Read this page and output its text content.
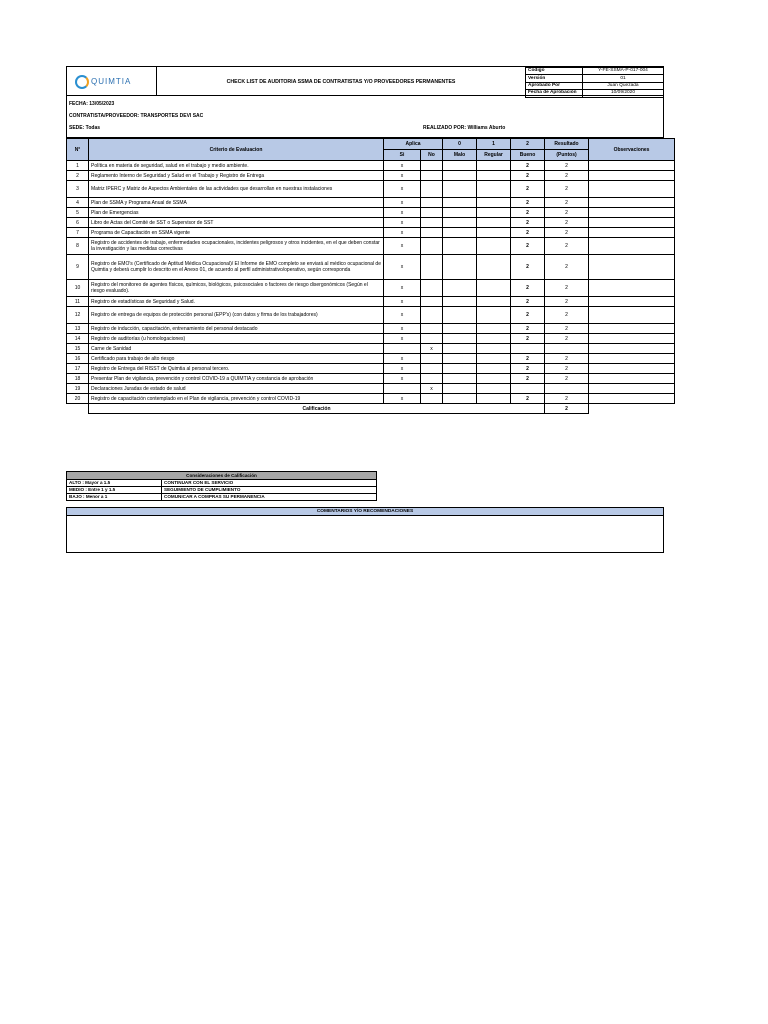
QUIMTIA	CHECK LIST DE AUDITORIA SSMA DE CONTRATISTAS Y/O PROVEEDORES PERMANENTES
Codigo	Y-FE-SSMA-P-017-004
Versión	01
Aprobado Por	Juan Quezada
Fecha de Aprobación	10/09/2020
FECHA: 13/05/2023
CONTRATISTA/PROVEEDOR: TRANSPORTES DEVI SAC
SEDE: Todas	REALIZADO POR: Williams Aburto
N°	Criterio de Evaluacion	Aplica		0	1	2	Resultado	Observaciones
		Si	No	Malo	Regular	Bueno	(Puntos)	
1	Política en materia de seguridad, salud en el trabajo y medio ambiente.	x				2	2	
2	Reglamento Interno de Seguridad y Salud en el Trabajo y Registro de Entrega	x				2	2	
3	Matriz IPERC y Matriz de Aspectos Ambientales de las actividades que desarrollan en nuestras instalaciones	x				2	2	
4	Plan de SSMA y Programa Anual de SSMA	x				2	2	
5	Plan de Emergencias	x				2	2	
6	Libro de Actas del Comité de SST o Supervisor de SST	x				2	2	
7	Programa de Capacitación en SSMA vigente	x				2	2	
8	Registro de accidentes de trabajo, enfermedades ocupacionales, incidentes peligrosos y otros incidentes, en el que deben constar la investigación y las medidas correctivas	x				2	2	
9	Registro de EMO's (Certificado de Aptitud Médica Ocupacional)/ El Informe de EMO completo se enviará al médico ocupacional de Quimtia y deberá cumplir lo descrito en el Anexo 01, de acuerdo al perfil administrativo/operativo, según corresponda	x				2	2	
10	Registro del monitoreo de agentes físicos, químicos, biológicos, psicosociales o factores de riesgo disergonómicos (Según el riesgo evaluado).	x				2	2	
11	Registro de estadísticas de Seguridad y Salud.	x				2	2	
12	Registro de entrega de equipos de protección personal (EPP's) (con datos y firma de los trabajadores)	x				2	2	
13	Registro de inducción, capacitación, entrenamiento del personal destacado	x				2	2	
14	Registro de auditorías (u homologaciones)	x				2	2	
15	Carne de Sanidad		x					
16	Certificado para trabajo de alto riesgo	x				2	2	
17	Registro de Entrega del RISST de Quimtia al personal tercero.	x				2	2	
18	Presentar Plan de vigilancia, prevención y control COVID-19 a QUIMTIA y constancia de aprobación	x				2	2	
19	Declaraciones Juradas de estado de salud		x					
20	Registro de capacitación contemplado en el Plan de vigilancia, prevención y control COVID-19	x				2	2	
	Calificación						2	
Consideraciones de Calificación	
ALTO : Mayor a 1.5	CONTINUAR CON EL SERVICIO
MEDIO : Entre 1 y 1.5	SEGUIMIENTO DE CUMPLIMIENTO
BAJO : Menor a 1	COMUNICAR A COMPRAS SU PERMANENCIA
COMENTARIOS Y/O RECOMENDACIONES
